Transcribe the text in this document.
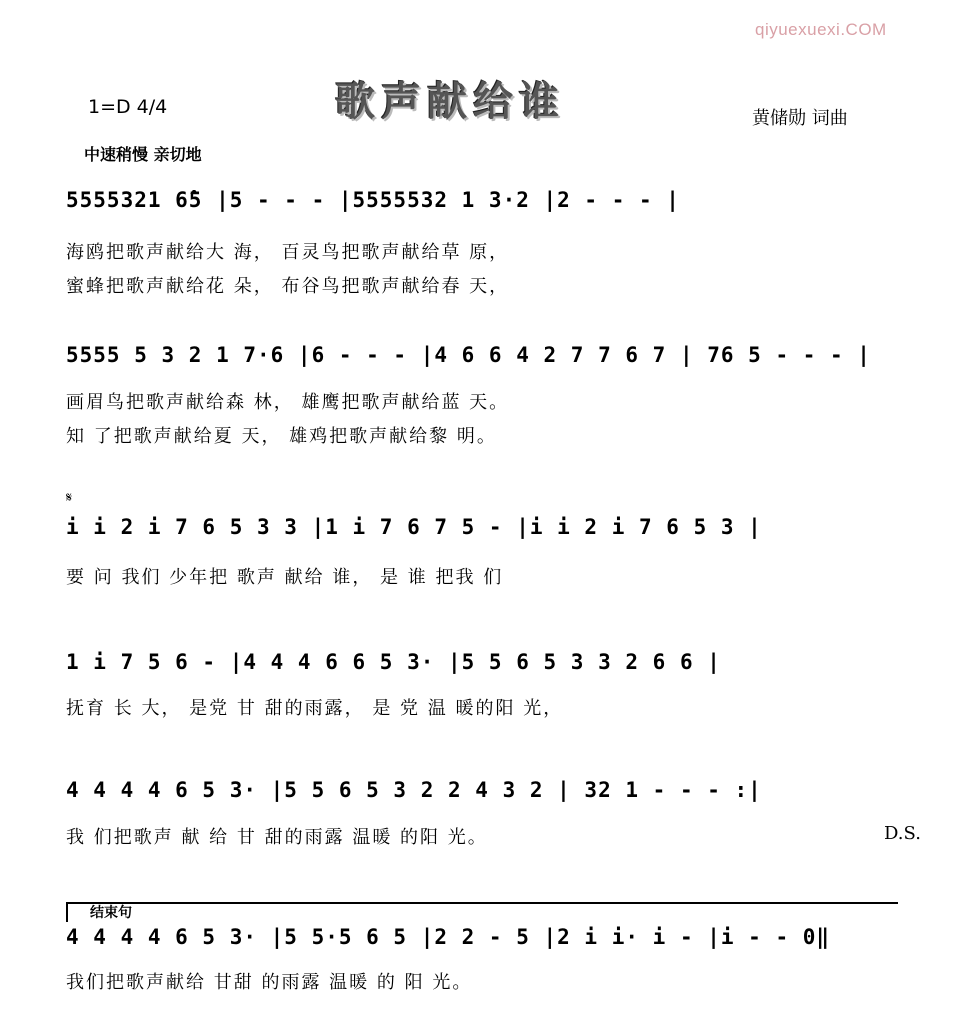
qiyuexuexi.COM
歌声献给谁
1=D 4/4
中速稍慢 亲切地
黄储勋 词曲
5555321 6̂5 |5 - - - |5555532 1 3·2 |2 - - - |
海鸥把歌声献给大 海， 百灵鸟把歌声献给草 原，
蜜蜂把歌声献给花 朵， 布谷鸟把歌声献给春 天，
5555 5 3 2 1 7·6 |6 - - - |4 6 6 4 2 7 7 6 7 | 76 5 - - - |
画眉鸟把歌声献给森 林， 雄鹰把歌声献给蓝 天。
知 了把歌声献给夏 天， 雄鸡把歌声献给黎 明。
𝄋
i i 2 i 7 6 5 3 3 |1 i 7 6 7 5 - |i i 2 i 7 6 5 3 |
要 问 我们 少年把 歌声 献给 谁， 是 谁 把我 们
1 i 7 5 6 - |4 4 4 6 6 5 3· |5 5 6 5 3 3 2 6 6 |
抚育 长 大， 是党 甘 甜的雨露， 是 党 温 暖的阳 光，
4 4 4 4 6 5 3· |5 5 6 5 3 2 2 4 3 2 | 32 1 - - - :|
我 们把歌声 献 给 甘 甜的雨露 温暖 的阳 光。	D.S.
结束句
4 4 4 4 6 5 3· |5 5·5 6 5 |2 2 - 5 |2 i i· i - |i - - 0‖
我们把歌声献给 甘甜 的雨露 温暖 的 阳 光。
